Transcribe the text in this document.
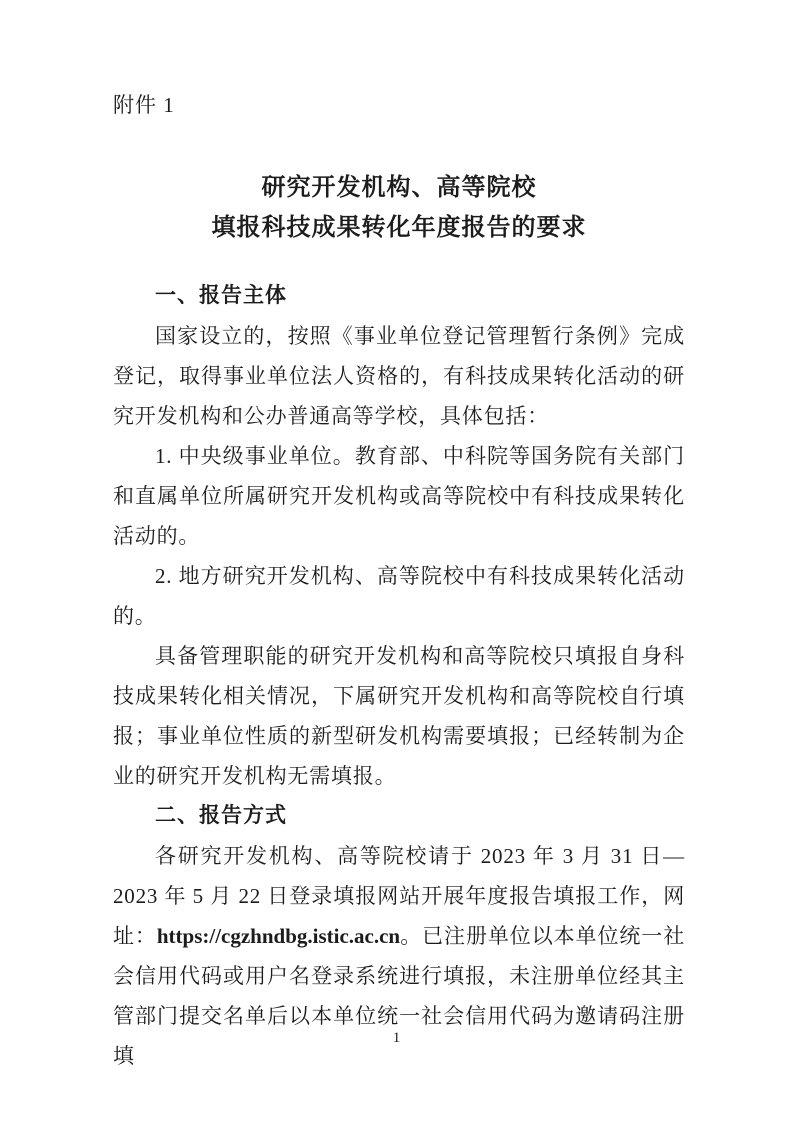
附件 1
研究开发机构、高等院校
填报科技成果转化年度报告的要求
一、报告主体

国家设立的，按照《事业单位登记管理暂行条例》完成登记，取得事业单位法人资格的，有科技成果转化活动的研究开发机构和公办普通高等学校，具体包括：

1. 中央级事业单位。教育部、中科院等国务院有关部门和直属单位所属研究开发机构或高等院校中有科技成果转化活动的。

2. 地方研究开发机构、高等院校中有科技成果转化活动的。

具备管理职能的研究开发机构和高等院校只填报自身科技成果转化相关情况，下属研究开发机构和高等院校自行填报；事业单位性质的新型研发机构需要填报；已经转制为企业的研究开发机构无需填报。

二、报告方式

各研究开发机构、高等院校请于 2023 年 3 月 31 日—2023 年 5 月 22 日登录填报网站开展年度报告填报工作，网址：https://cgzhndbg.istic.ac.cn。已注册单位以本单位统一社会信用代码或用户名登录系统进行填报，未注册单位经其主管部门提交名单后以本单位统一社会信用代码为邀请码注册填

1
